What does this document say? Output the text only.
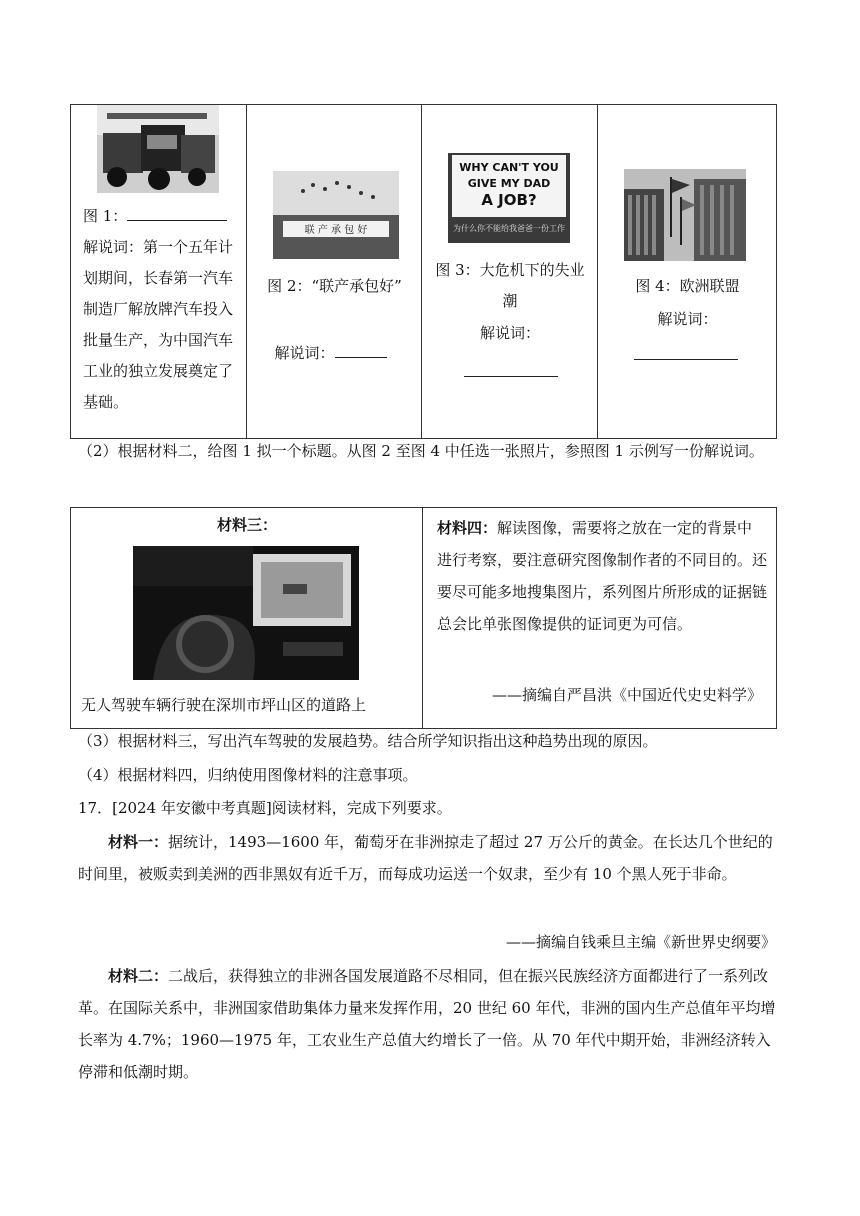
图 1：
解说词：第一个五年计划期间，长春第一汽车制造厂解放牌汽车投入批量生产，为中国汽车工业的独立发展奠定了基础。
联 产 承 包 好
图 2：“联产承包好”
解说词：
WHY CAN'T YOU
GIVE MY DAD
A JOB?
为什么你不能给我爸爸一份工作
图 3：大危机下的失业潮
解说词：
图 4：欧洲联盟
解说词：
（2）根据材料二，给图 1 拟一个标题。从图 2 至图 4 中任选一张照片，参照图 1 示例写一份解说词。
材料三：
无人驾驶车辆行驶在深圳市坪山区的道路上
材料四：解读图像，需要将之放在一定的背景中进行考察，要注意研究图像制作者的不同目的。还要尽可能多地搜集图片，系列图片所形成的证据链总会比单张图像提供的证词更为可信。
——摘编自严昌洪《中国近代史史料学》
（3）根据材料三，写出汽车驾驶的发展趋势。结合所学知识指出这种趋势出现的原因。
（4）根据材料四，归纳使用图像材料的注意事项。
17．[2024 年安徽中考真题]阅读材料，完成下列要求。
材料一：据统计，1493—1600 年，葡萄牙在非洲掠走了超过 27 万公斤的黄金。在长达几个世纪的时间里，被贩卖到美洲的西非黑奴有近千万，而每成功运送一个奴隶，至少有 10 个黑人死于非命。
——摘编自钱乘旦主编《新世界史纲要》
材料二：二战后，获得独立的非洲各国发展道路不尽相同，但在振兴民族经济方面都进行了一系列改革。在国际关系中，非洲国家借助集体力量来发挥作用，20 世纪 60 年代，非洲的国内生产总值年平均增长率为 4.7%；1960—1975 年，工农业生产总值大约增长了一倍。从 70 年代中期开始，非洲经济转入停滞和低潮时期。
